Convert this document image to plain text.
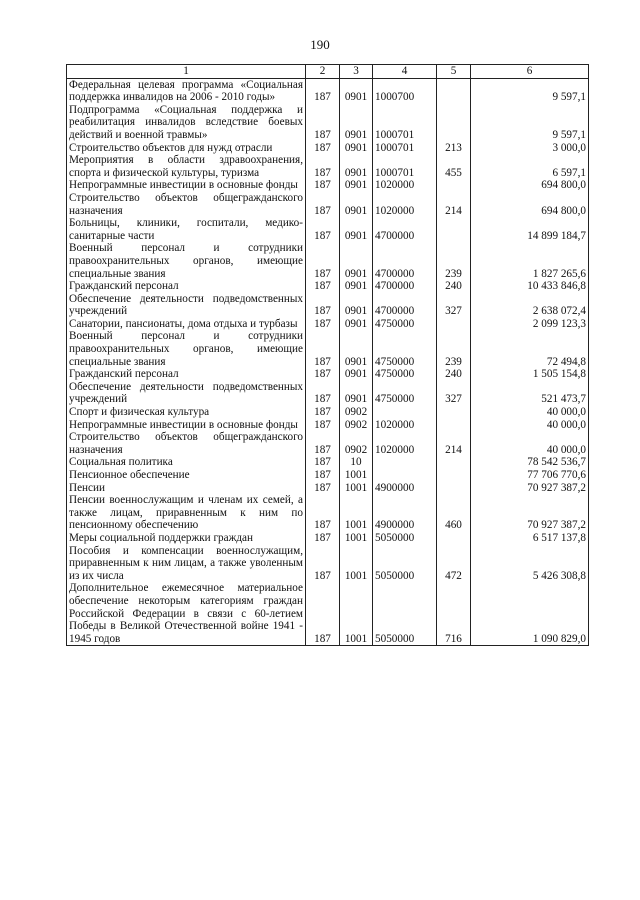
190
1	2	3	4	5	6
Федеральная целевая программа «Социальная поддержка инвалидов на 2006 - 2010 годы»	187	0901	1000700		9 597,1
Подпрограмма «Социальная поддержка и реабилитация инвалидов вследствие боевых действий и военной травмы»	187	0901	1000701		9 597,1
Строительство объектов для нужд отрасли	187	0901	1000701	213	3 000,0
Мероприятия в области здравоохранения, спорта и физической культуры, туризма	187	0901	1000701	455	6 597,1
Непрограммные инвестиции в основные фонды	187	0901	1020000		694 800,0
Строительство объектов общегражданского назначения	187	0901	1020000	214	694 800,0
Больницы, клиники, госпитали, медико-санитарные части	187	0901	4700000		14 899 184,7
Военный персонал и сотрудники правоохранительных органов, имеющие специальные звания	187	0901	4700000	239	1 827 265,6
Гражданский персонал	187	0901	4700000	240	10 433 846,8
Обеспечение деятельности подведомственных учреждений	187	0901	4700000	327	2 638 072,4
Санатории, пансионаты, дома отдыха и турбазы	187	0901	4750000		2 099 123,3
Военный персонал и сотрудники правоохранительных органов, имеющие специальные звания	187	0901	4750000	239	72 494,8
Гражданский персонал	187	0901	4750000	240	1 505 154,8
Обеспечение деятельности подведомственных учреждений	187	0901	4750000	327	521 473,7
Спорт и физическая культура	187	0902			40 000,0
Непрограммные инвестиции в основные фонды	187	0902	1020000		40 000,0
Строительство объектов общегражданского назначения	187	0902	1020000	214	40 000,0
Социальная политика	187	10			78 542 536,7
Пенсионное обеспечение	187	1001			77 706 770,6
Пенсии	187	1001	4900000		70 927 387,2
Пенсии военнослужащим и членам их семей, а также лицам, приравненным к ним по пенсионному обеспечению	187	1001	4900000	460	70 927 387,2
Меры социальной поддержки граждан	187	1001	5050000		6 517 137,8
Пособия и компенсации военнослужащим, приравненным к ним лицам, а также уволенным из их числа	187	1001	5050000	472	5 426 308,8
Дополнительное ежемесячное материальное обеспечение некоторым категориям граждан Российской Федерации в связи с 60-летием Победы в Великой Отечественной войне 1941 - 1945 годов	187	1001	5050000	716	1 090 829,0
